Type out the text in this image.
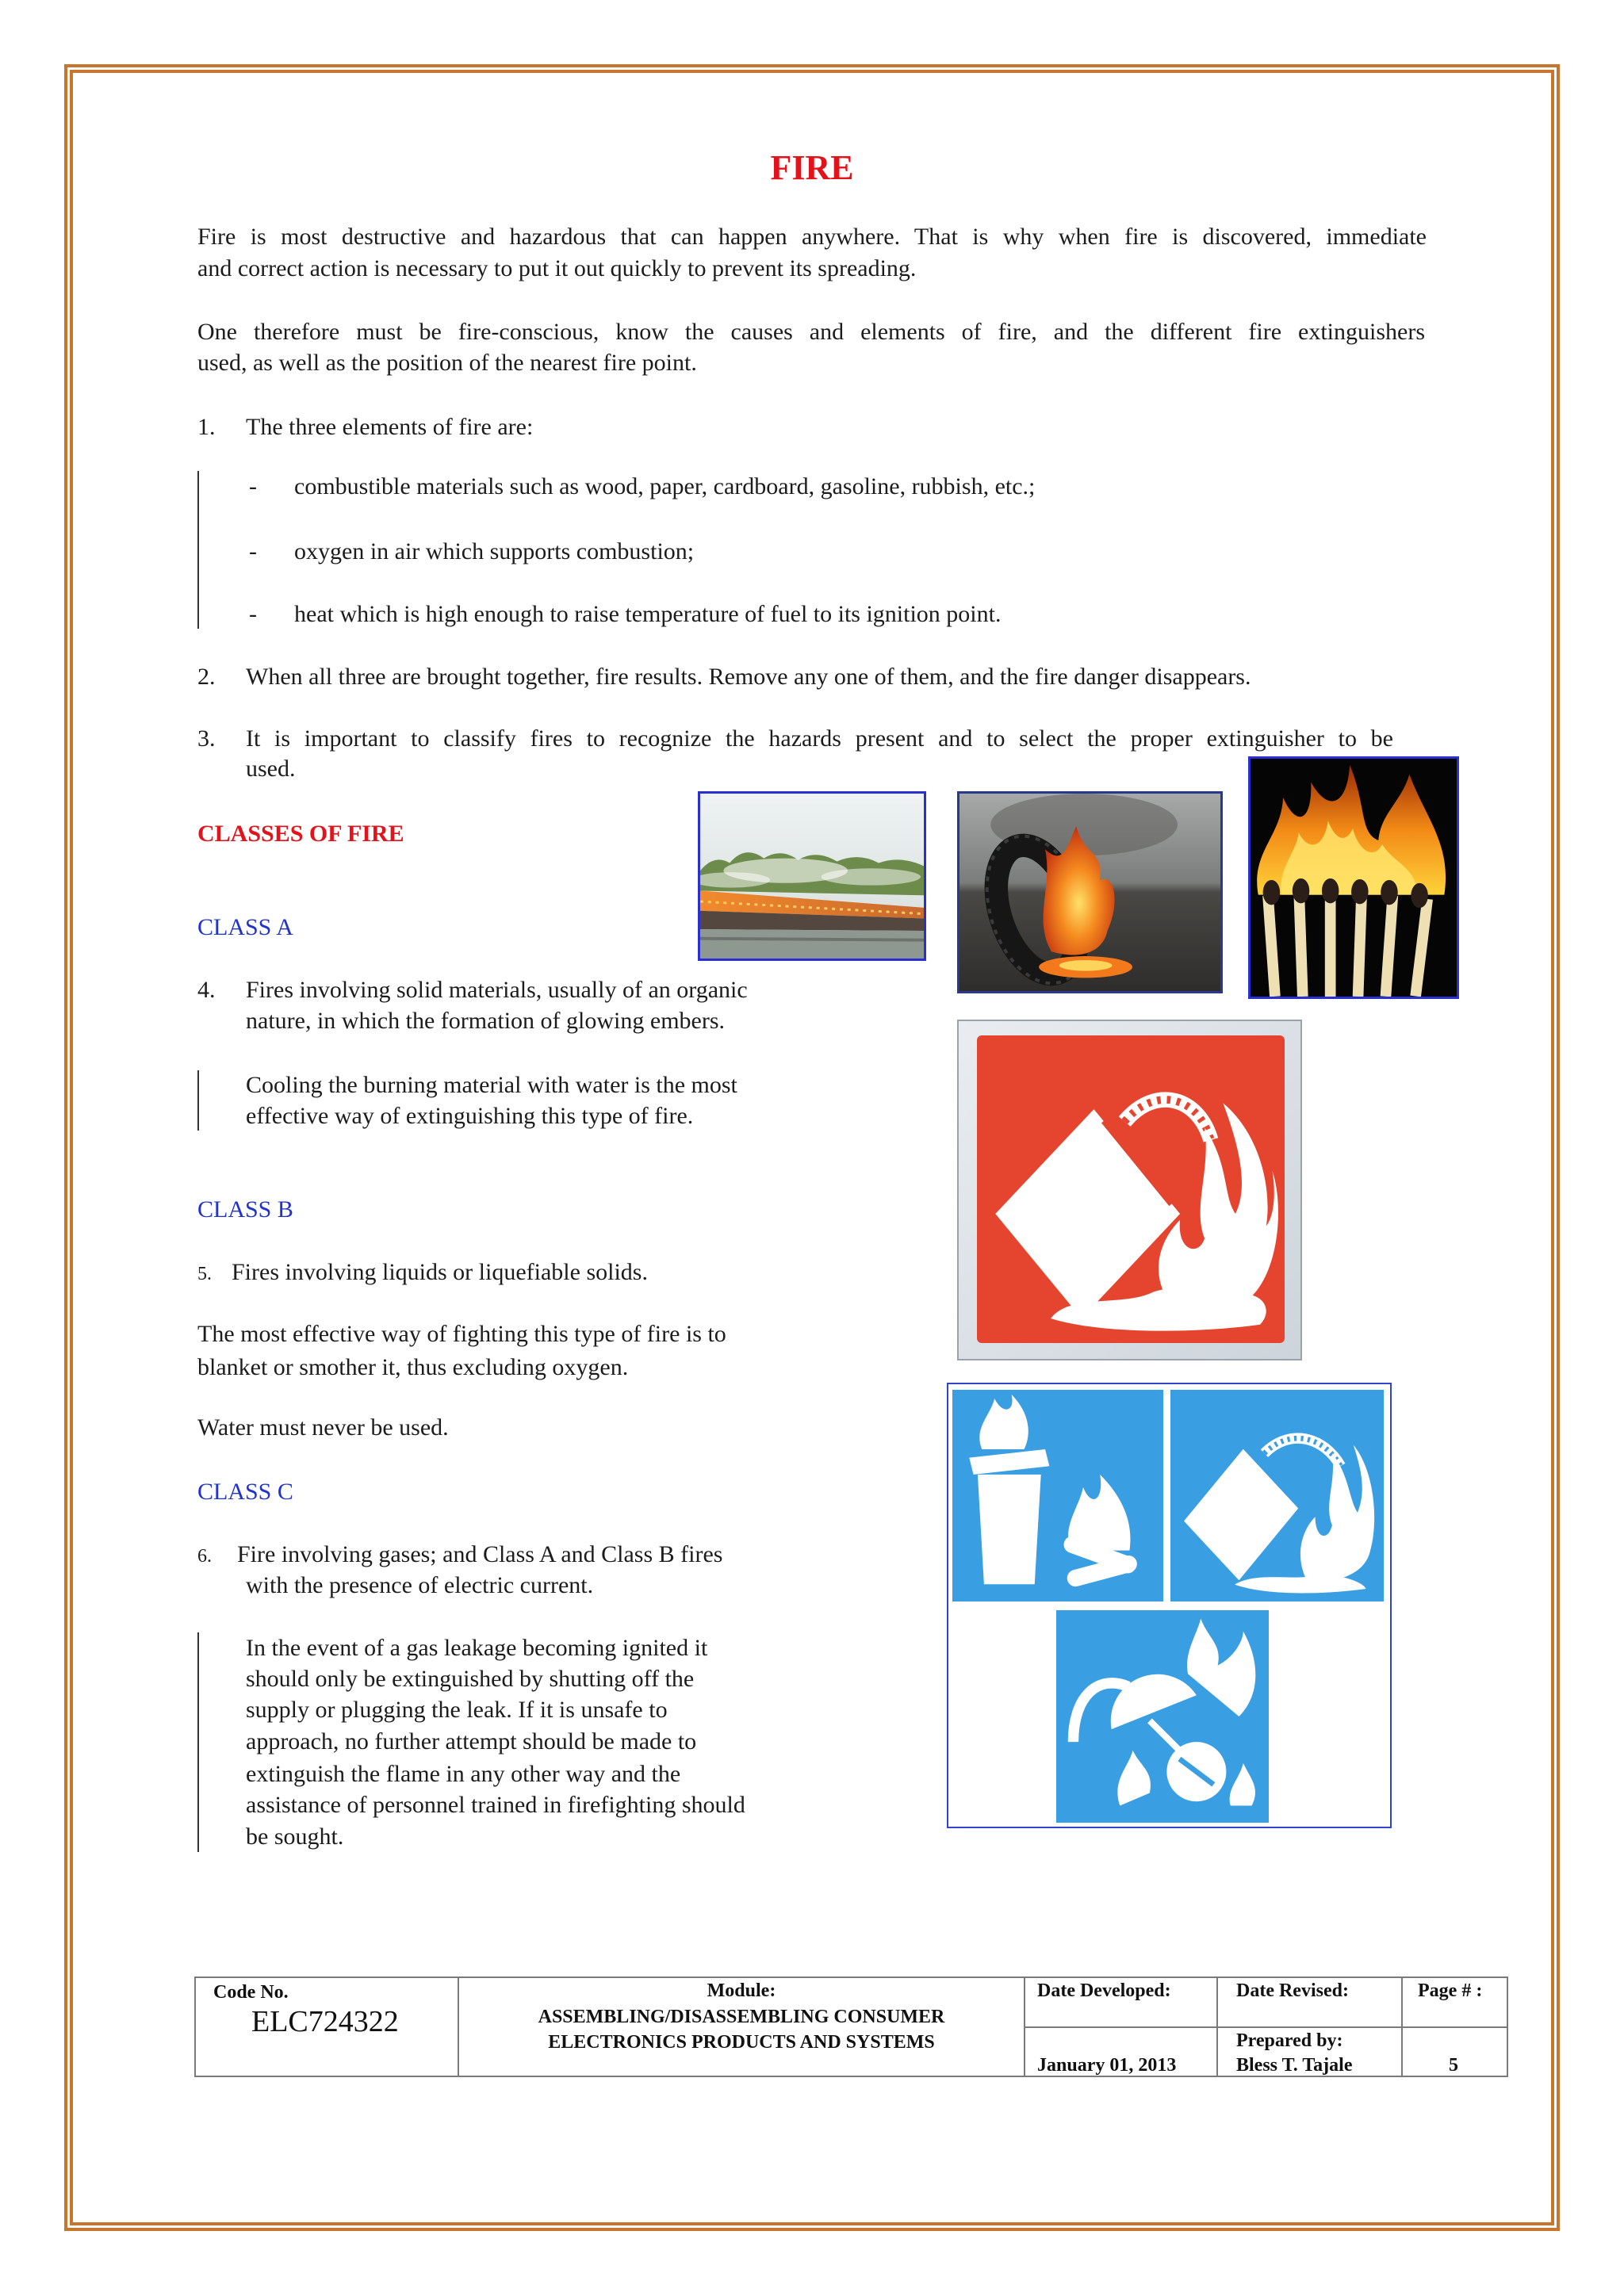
FIRE
Fire is most destructive and hazardous that can happen anywhere. That is why when fire is discovered, immediate
and correct action is necessary to put it out quickly to prevent its spreading.
One therefore must be fire-conscious, know the causes and elements of fire, and the different fire extinguishers
used, as well as the position of the nearest fire point.
1. The three elements of fire are:
- combustible materials such as wood, paper, cardboard, gasoline, rubbish, etc.;
- oxygen in air which supports combustion;
- heat which is high enough to raise temperature of fuel to its ignition point.
2. When all three are brought together, fire results. Remove any one of them, and the fire danger disappears.
3. It is important to classify fires to recognize the hazards present and to select the proper extinguisher to be
used.
CLASSES OF FIRE
CLASS A
4. Fires involving solid materials, usually of an organic
nature, in which the formation of glowing embers.
Cooling the burning material with water is the most
effective way of extinguishing this type of fire.
CLASS B
5. Fires involving liquids or liquefiable solids.
The most effective way of fighting this type of fire is to
blanket or smother it, thus excluding oxygen.
Water must never be used.
CLASS C
6. Fire involving gases; and Class A and Class B fires
with the presence of electric current.
In the event of a gas leakage becoming ignited it
should only be extinguished by shutting off the
supply or plugging the leak. If it is unsafe to
approach, no further attempt should be made to
extinguish the flame in any other way and the
assistance of personnel trained in firefighting should
be sought.
Code No.
ELC724322
Module:
ASSEMBLING/DISASSEMBLING CONSUMER
ELECTRONICS PRODUCTS AND SYSTEMS
Date Developed:
January 01, 2013
Date Revised:
Prepared by:
Bless T. Tajale
Page # :
5
